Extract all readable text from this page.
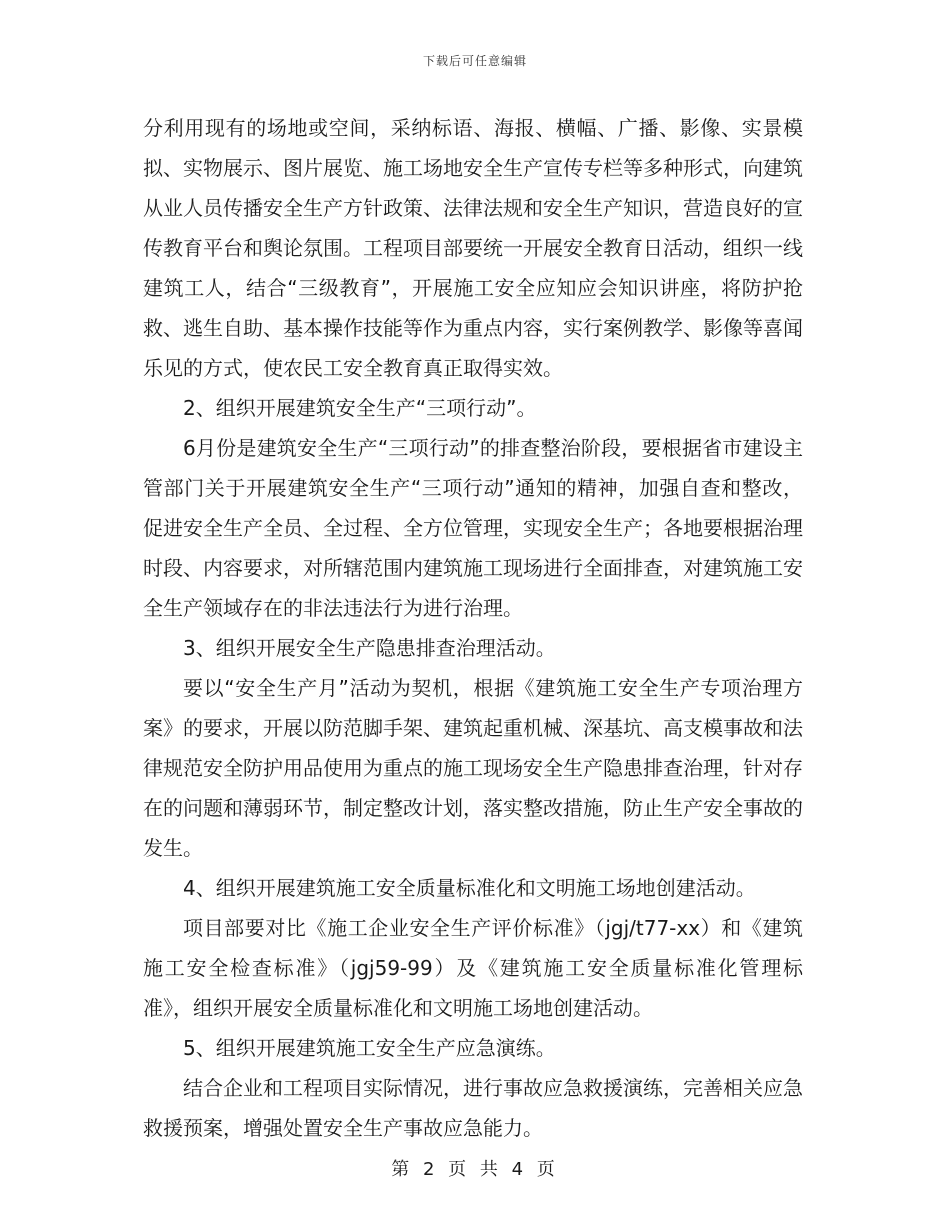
下载后可任意编辑

分利用现有的场地或空间，采纳标语、海报、横幅、广播、影像、实景模拟、实物展示、图片展览、施工场地安全生产宣传专栏等多种形式，向建筑从业人员传播安全生产方针政策、法律法规和安全生产知识，营造良好的宣传教育平台和舆论氛围。工程项目部要统一开展安全教育日活动，组织一线建筑工人，结合“三级教育”，开展施工安全应知应会知识讲座，将防护抢救、逃生自助、基本操作技能等作为重点内容，实行案例教学、影像等喜闻乐见的方式，使农民工安全教育真正取得实效。

2、组织开展建筑安全生产“三项行动”。

6月份是建筑安全生产“三项行动”的排查整治阶段，要根据省市建设主管部门关于开展建筑安全生产“三项行动”通知的精神，加强自查和整改，促进安全生产全员、全过程、全方位管理，实现安全生产；各地要根据治理时段、内容要求，对所辖范围内建筑施工现场进行全面排查，对建筑施工安全生产领域存在的非法违法行为进行治理。

3、组织开展安全生产隐患排查治理活动。

要以“安全生产月”活动为契机，根据《建筑施工安全生产专项治理方案》的要求，开展以防范脚手架、建筑起重机械、深基坑、高支模事故和法律规范安全防护用品使用为重点的施工现场安全生产隐患排查治理，针对存在的问题和薄弱环节，制定整改计划，落实整改措施，防止生产安全事故的发生。

4、组织开展建筑施工安全质量标准化和文明施工场地创建活动。

项目部要对比《施工企业安全生产评价标准》（jgj/t77-xx）和《建筑施工安全检查标准》（jgj59-99）及《建筑施工安全质量标准化管理标准》，组织开展安全质量标准化和文明施工场地创建活动。

5、组织开展建筑施工安全生产应急演练。

结合企业和工程项目实际情况，进行事故应急救援演练，完善相关应急救援预案，增强处置安全生产事故应急能力。

第 2 页 共 4 页
